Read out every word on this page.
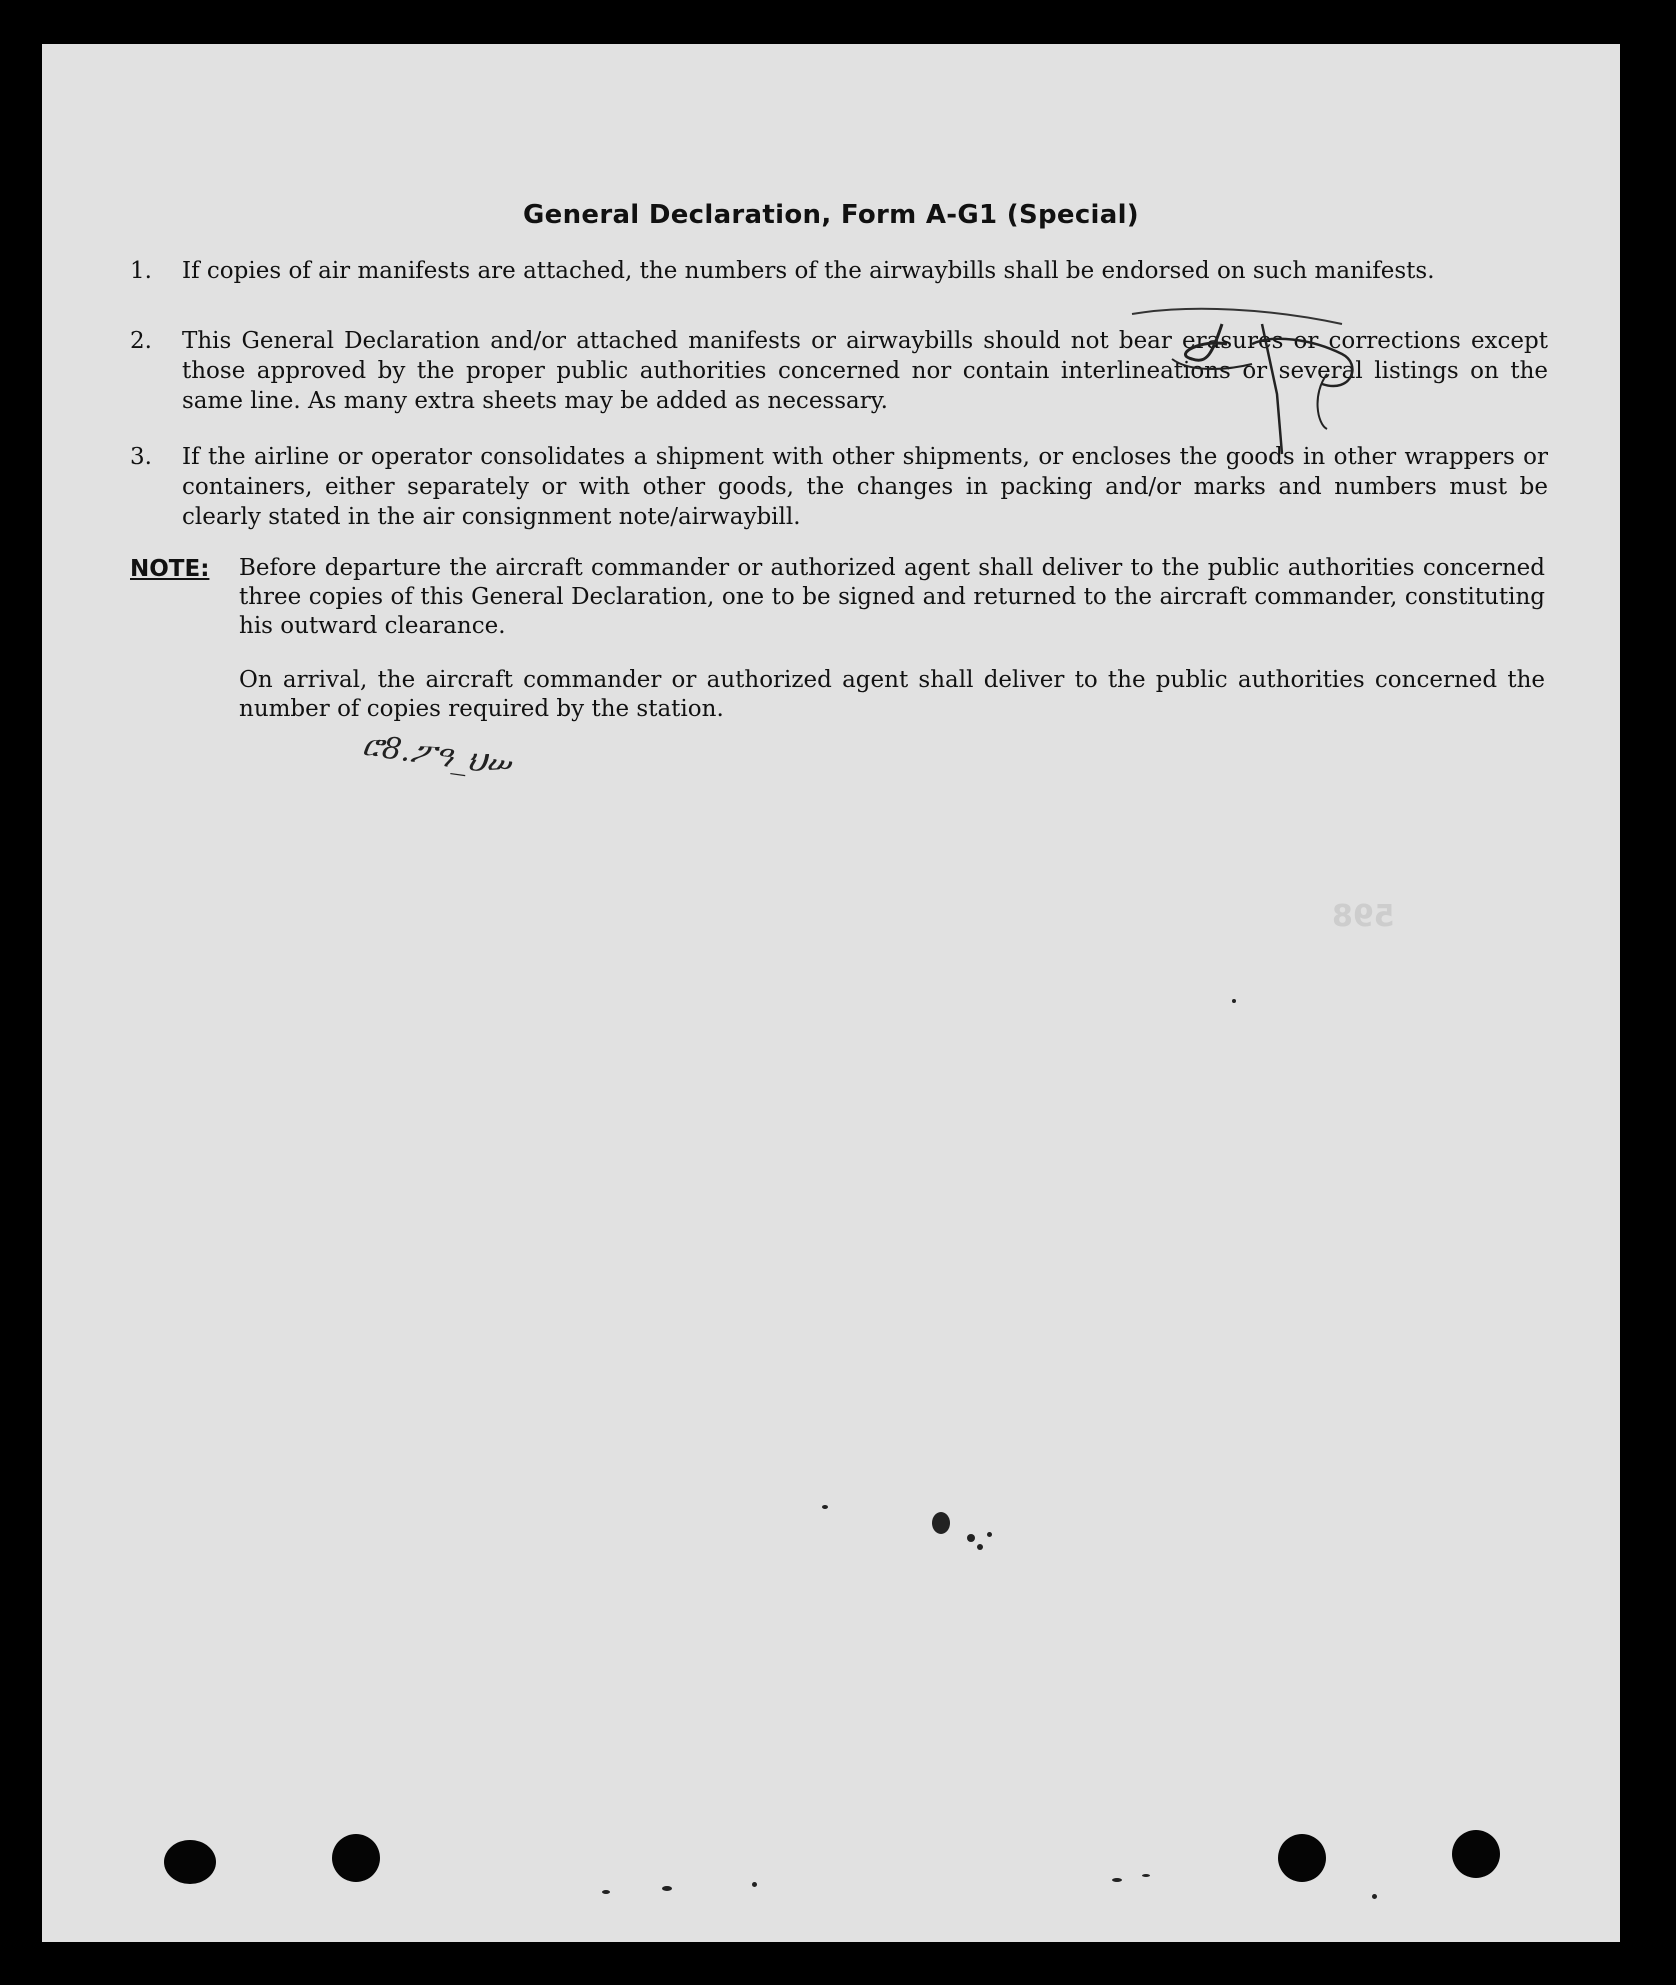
General Declaration, Form A-G1 (Special)
1.	If copies of air manifests are attached, the numbers of the airwaybills shall be endorsed on such manifests.
2.	This General Declaration and/or attached manifests or airwaybills should not bear erasures or corrections except those approved by the proper public authorities concerned nor contain interlineations or several listings on the same line. As many extra sheets may be added as necessary.
3.	If the airline or operator consolidates a shipment with other shipments, or encloses the goods in other wrappers or containers, either separately or with other goods, the changes in packing and/or marks and numbers must be clearly stated in the air consignment note/airwaybill.
NOTE: Before departure the aircraft commander or authorized agent shall deliver to the public authorities concerned three copies of this General Declaration, one to be signed and returned to the aircraft commander, constituting his outward clearance.
On arrival, the aircraft commander or authorized agent shall deliver to the public authorities concerned the number of copies required by the station.
ሮ8.ፖዓ_ህሠ
598
